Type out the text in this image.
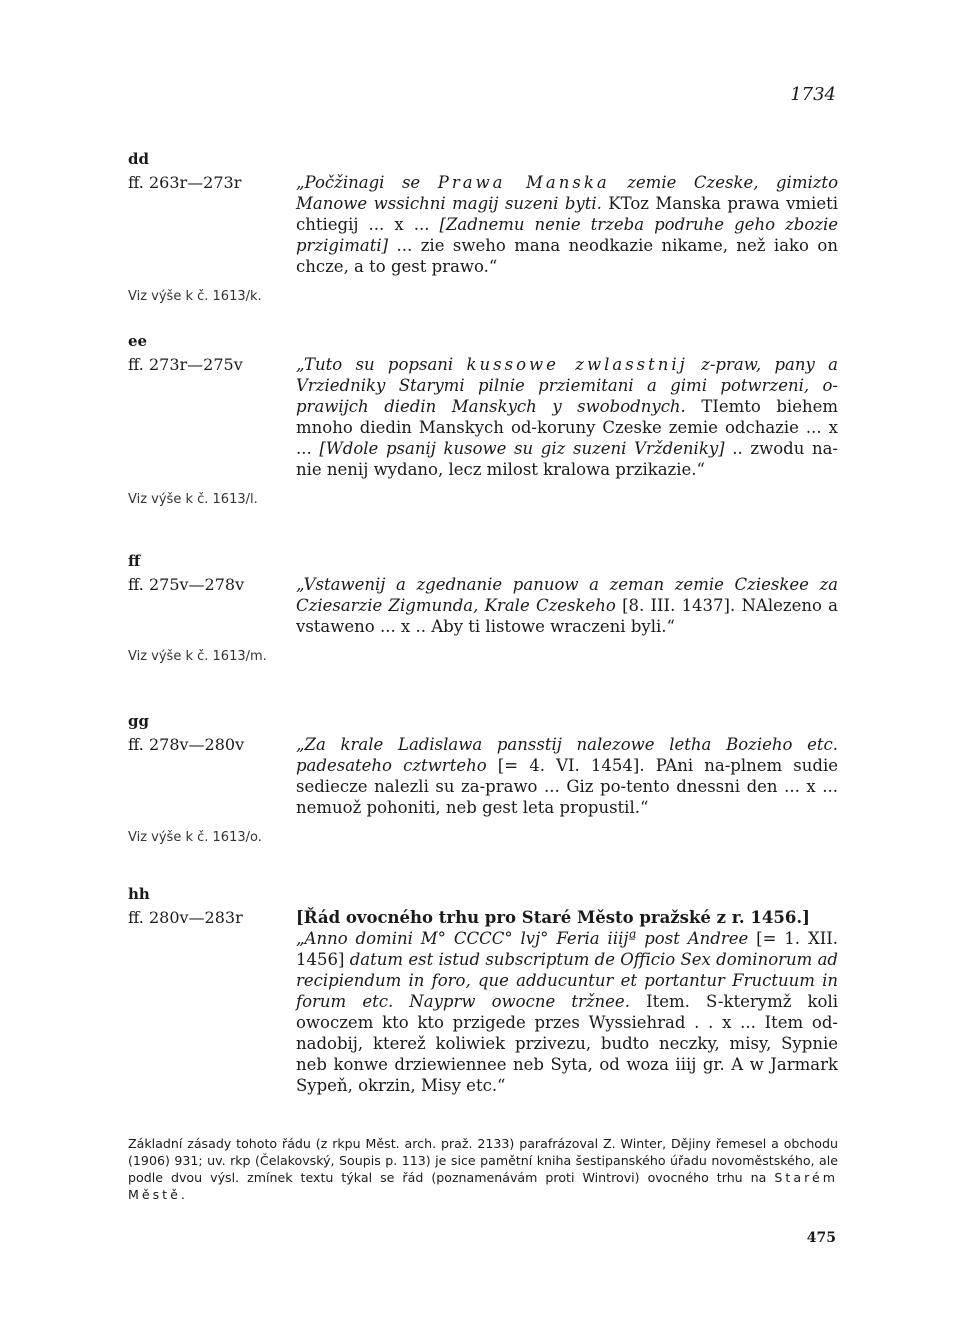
1734

dd

ff. 263r—273r	„Počžinagi se Prawa Manska zemie Czeske, gimizto Manowe wssichni magij suzeni byti. KToz Manska prawa vmieti chtiegij ... x ... [Zadnemu nenie trzeba podruhe geho zbozie przigimati] ... zie sweho mana neodkazie nikame, než iako on chcze, a to gest prawo.“
Viz výše k č. 1613/k.

ee

ff. 273r—275v	„Tuto su popsani kussowe zwlasstnij z-praw, pany a Vrziedniky Starymi pilnie prziemitani a gimi potwrzeni, o-prawijch diedin Manskych y swobodnych. TIemto biehem mnoho diedin Manskych od-koruny Czeske zemie odchazie ... x ... [Wdole psanij kusowe su giz suzeni Vrždeniky] .. zwodu na-nie nenij wydano, lecz milost kralowa przikazie.“
Viz výše k č. 1613/l.

ff

ff. 275v—278v	„Vstawenij a zgednanie panuow a zeman zemie Czieskee za Cziesarzie Zigmunda, Krale Czeskeho [8. III. 1437]. NAlezeno a vstaweno ... x .. Aby ti listowe wraczeni byli.“
Viz výše k č. 1613/m.

gg

ff. 278v—280v	„Za krale Ladislawa pansstij nalezowe letha Bozieho etc. padesateho cztwrteho [= 4. VI. 1454]. PAni na-plnem sudie sediecze nalezli su za-prawo ... Giz po-tento dnessni den ... x ... nemuož pohoniti, neb gest leta propustil.“
Viz výše k č. 1613/o.

hh

ff. 280v—283r	[Řád ovocného trhu pro Staré Město pražské z r. 1456.]
„Anno domini M° CCCC° lvj° Feria iiijª post Andree [= 1. XII. 1456] datum est istud subscriptum de Officio Sex dominorum ad recipiendum in foro, que adducuntur et portantur Fructuum in forum etc. Nayprw owocne tržnee. Item. S-kterymž koli owoczem kto kto przigede przes Wyssiehrad . . x ... Item od-nadobij, kterež koliwiek przivezu, budto neczky, misy, Sypnie neb konwe drziewiennee neb Syta, od woza iiij gr. A w Jarmark Sypeň, okrzin, Misy etc.“
Základní zásady tohoto řádu (z rkpu Měst. arch. praž. 2133) parafrázoval Z. Winter, Dějiny řemesel a obchodu (1906) 931; uv. rkp (Čelakovský, Soupis p. 113) je sice pamětní kniha šestipanského úřadu novoměstského, ale podle dvou výsl. zmínek textu týkal se řád (poznamenávám proti Wintrovi) ovocného trhu na Starém Městě.
475
